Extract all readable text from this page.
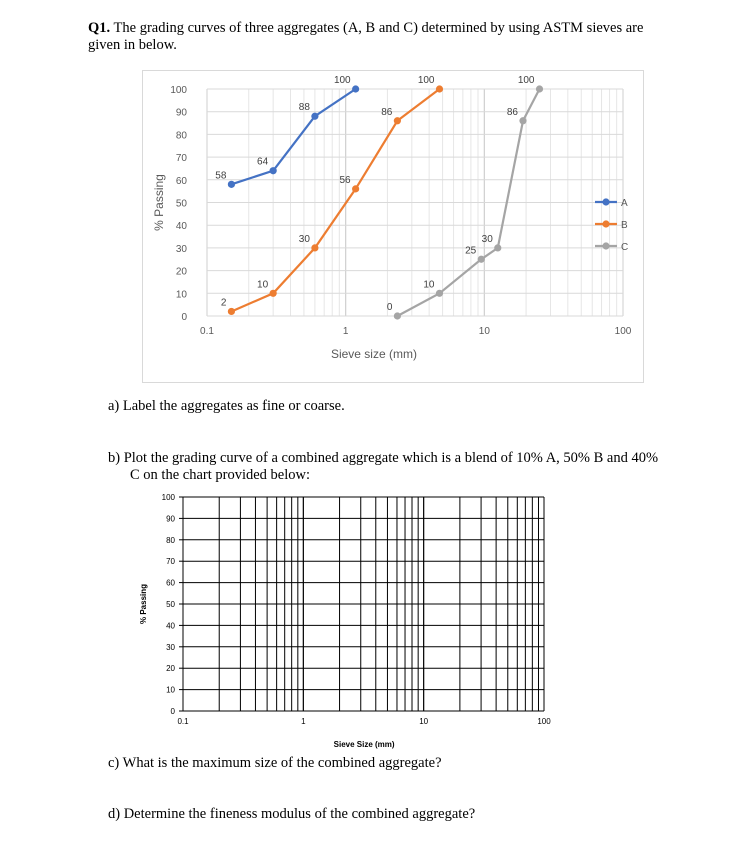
Q1. The grading curves of three aggregates (A, B and C) determined by using ASTM sieves are
given in below.
0
10
20
30
40
50
60
70
80
90
100
0.1	1	10	100
Sieve size (mm)
% Passing	58
64
88
100
A
2
10
30
56
86
100
B
0
10
25
30
86
100
C
a) Label the aggregates as fine or coarse.
b) Plot the grading curve of a combined aggregate which is a blend of 10% A, 50% B and 40%
C on the chart provided below:
0
10
20
30
40
50
60
70
80
90
100
0.1	1	10	100
Sieve Size (mm)
% Passing
c) What is the maximum size of the combined aggregate?
d) Determine the fineness modulus of the combined aggregate?
